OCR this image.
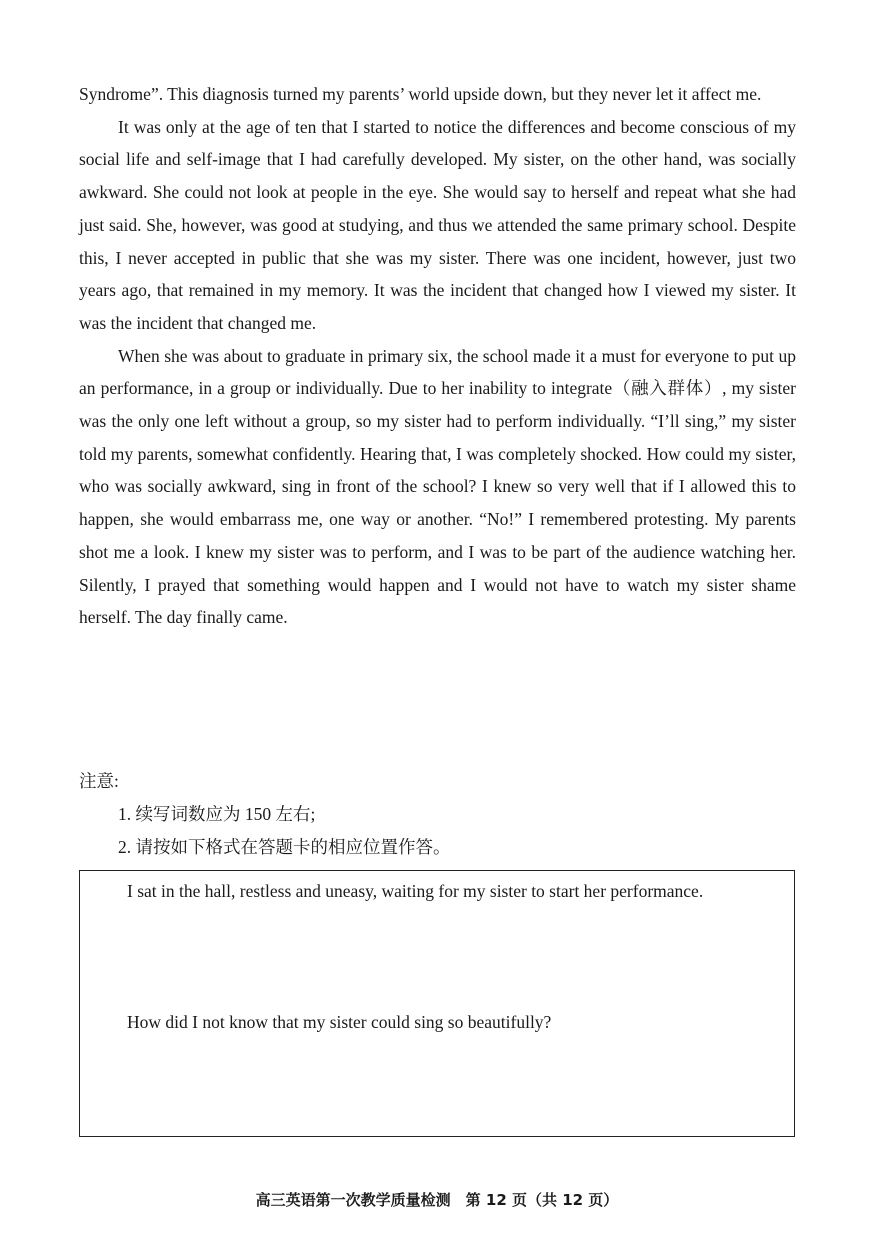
Syndrome”. This diagnosis turned my parents’ world upside down, but they never let it affect me.

It was only at the age of ten that I started to notice the differences and become conscious of my social life and self-image that I had carefully developed. My sister, on the other hand, was socially awkward. She could not look at people in the eye. She would say to herself and repeat what she had just said. She, however, was good at studying, and thus we attended the same primary school. Despite this, I never accepted in public that she was my sister. There was one incident, however, just two years ago, that remained in my memory. It was the incident that changed how I viewed my sister. It was the incident that changed me.

When she was about to graduate in primary six, the school made it a must for everyone to put up an performance, in a group or individually. Due to her inability to integrate（融入群体）, my sister was the only one left without a group, so my sister had to perform individually. “I’ll sing,” my sister told my parents, somewhat confidently. Hearing that, I was completely shocked. How could my sister, who was socially awkward, sing in front of the school? I knew so very well that if I allowed this to happen, she would embarrass me, one way or another. “No!” I remembered protesting. My parents shot me a look. I knew my sister was to perform, and I was to be part of the audience watching her. Silently, I prayed that something would happen and I would not have to watch my sister shame herself. The day finally came.

注意:

1. 续写词数应为 150 左右;

2. 请按如下格式在答题卡的相应位置作答。

I sat in the hall, restless and uneasy, waiting for my sister to start her performance.
How did I not know that my sister could sing so beautifully?
高三英语第一次教学质量检测　第 12 页（共 12 页）
